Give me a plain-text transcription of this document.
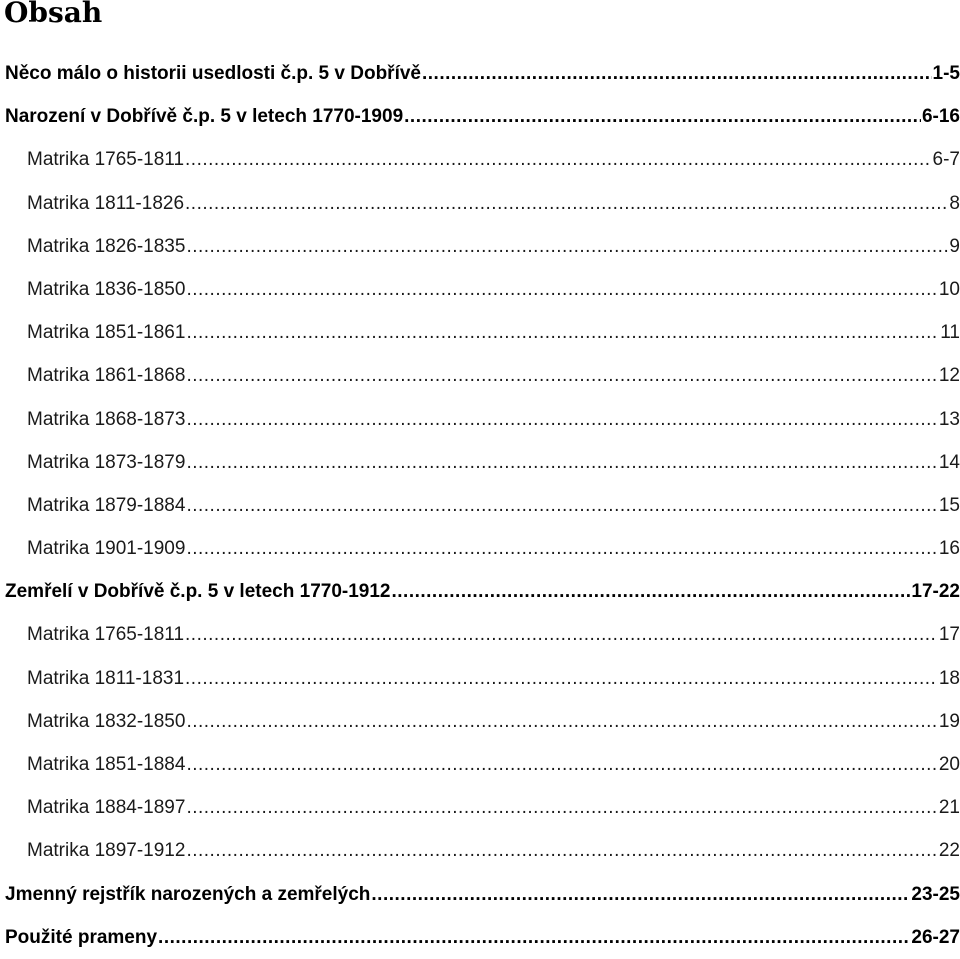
Obsah
Něco málo o historii usedlosti č.p. 5 v Dobřívě .....	1-5
Narození v Dobřívě č.p. 5 v letech 1770-1909 .....	6-16
Matrika 1765-1811 .....	6-7
Matrika 1811-1826 .....	8
Matrika 1826-1835 .....	9
Matrika 1836-1850 .....	10
Matrika 1851-1861 .....	11
Matrika 1861-1868 .....	12
Matrika 1868-1873 .....	13
Matrika 1873-1879 .....	14
Matrika 1879-1884 .....	15
Matrika 1901-1909 .....	16
Zemřelí v Dobřívě č.p. 5 v letech 1770-1912 .....	17-22
Matrika 1765-1811 .....	17
Matrika 1811-1831 .....	18
Matrika 1832-1850 .....	19
Matrika 1851-1884 .....	20
Matrika 1884-1897 .....	21
Matrika 1897-1912 .....	22
Jmenný rejstřík narozených a zemřelých .....	23-25
Použité prameny .....	26-27
